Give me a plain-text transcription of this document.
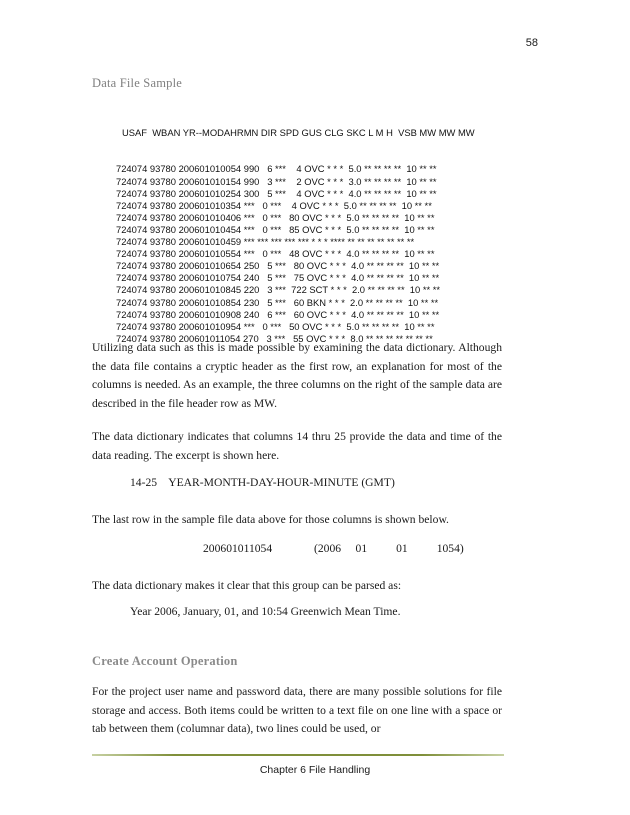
58
Data File Sample

USAF  WBAN YR--MODAHRMN DIR SPD GUS CLG SKC L M H  VSB MW MW MW

724074 93780 200601010054 990   6 ***    4 OVC * * *  5.0 ** ** ** **  10 ** **
724074 93780 200601010154 990   3 ***    2 OVC * * *  3.0 ** ** ** **  10 ** **
724074 93780 200601010254 300   5 ***    4 OVC * * *  4.0 ** ** ** **  10 ** **
724074 93780 200601010354 ***   0 ***    4 OVC * * *  5.0 ** ** ** **  10 ** **
724074 93780 200601010406 ***   0 ***   80 OVC * * *  5.0 ** ** ** **  10 ** **
724074 93780 200601010454 ***   0 ***   85 OVC * * *  5.0 ** ** ** **  10 ** **
724074 93780 200601010459 *** *** *** *** *** * * * **** ** ** ** ** ** ** **
724074 93780 200601010554 ***   0 ***   48 OVC * * *  4.0 ** ** ** **  10 ** **
724074 93780 200601010654 250   5 ***   80 OVC * * *  4.0 ** ** ** **  10 ** **
724074 93780 200601010754 240   5 ***   75 OVC * * *  4.0 ** ** ** **  10 ** **
724074 93780 200601010845 220   3 ***  722 SCT * * *  2.0 ** ** ** **  10 ** **
724074 93780 200601010854 230   5 ***   60 BKN * * *  2.0 ** ** ** **  10 ** **
724074 93780 200601010908 240   6 ***   60 OVC * * *  4.0 ** ** ** **  10 ** **
724074 93780 200601010954 ***   0 ***   50 OVC * * *  5.0 ** ** ** **  10 ** **
724074 93780 200601011054 270   3 ***   55 OVC * * *  8.0 ** ** ** ** ** ** **

Utilizing data such as this is made possible by examining the data dictionary. Although the data file contains a cryptic header as the first row, an explanation for most of the columns is needed. As an example, the three columns on the right of the sample data are described in the file header row as MW.
The data dictionary indicates that columns 14 thru 25 provide the data and time of the data reading. The excerpt is shown here.
14-25    YEAR-MONTH-DAY-HOUR-MINUTE (GMT)
The last row in the sample file data above for those columns is shown below.
200601011054	(2006     01          01          1054)
The data dictionary makes it clear that this group can be parsed as:
Year 2006, January, 01, and 10:54 Greenwich Mean Time.
Create Account Operation
For the project user name and password data, there are many possible solutions for file storage and access. Both items could be written to a text file on one line with a space or tab between them (columnar data), two lines could be used, or
Chapter 6 File Handling
